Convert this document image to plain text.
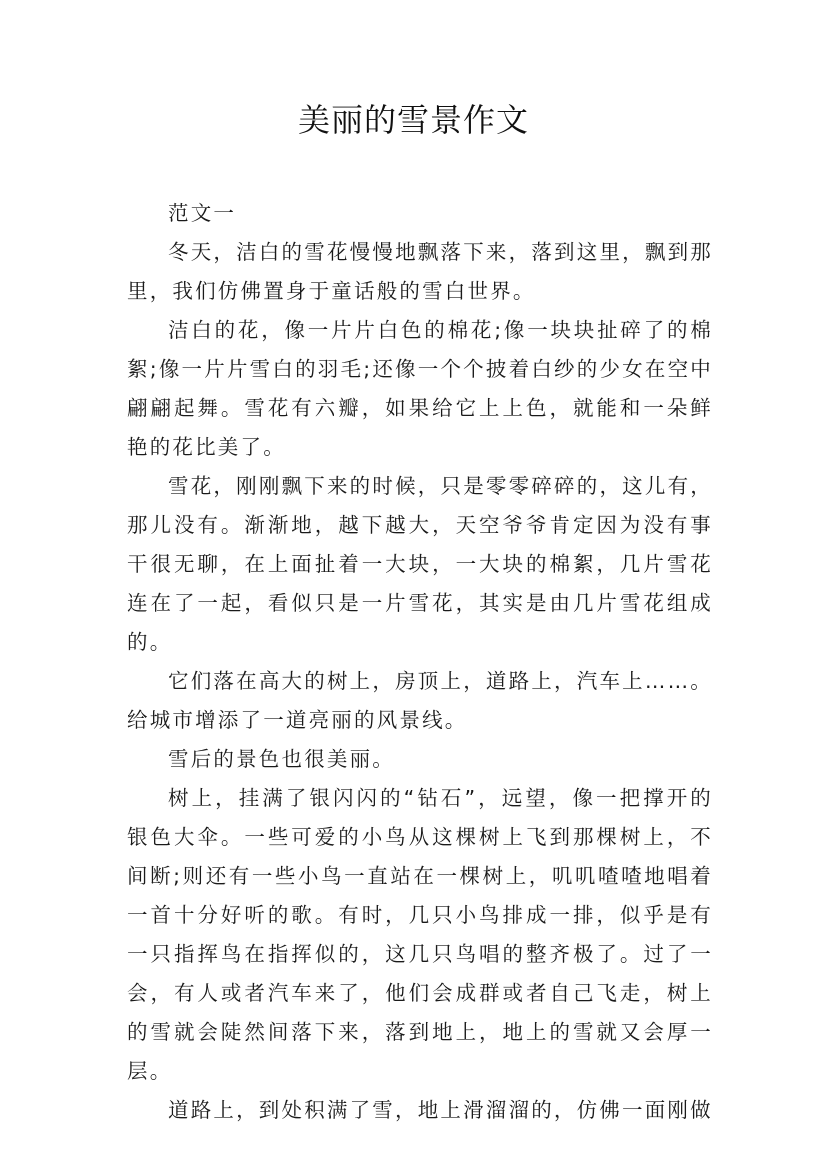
美丽的雪景作文

范文一

冬天，洁白的雪花慢慢地飘落下来，落到这里，飘到那里，我们仿佛置身于童话般的雪白世界。

洁白的花，像一片片白色的棉花;像一块块扯碎了的棉絮;像一片片雪白的羽毛;还像一个个披着白纱的少女在空中翩翩起舞。雪花有六瓣，如果给它上上色，就能和一朵鲜艳的花比美了。

雪花，刚刚飘下来的时候，只是零零碎碎的，这儿有，那儿没有。渐渐地，越下越大，天空爷爷肯定因为没有事干很无聊，在上面扯着一大块，一大块的棉絮，几片雪花连在了一起，看似只是一片雪花，其实是由几片雪花组成的。

它们落在高大的树上，房顶上，道路上，汽车上……。给城市增添了一道亮丽的风景线。

雪后的景色也很美丽。

树上，挂满了银闪闪的“钻石”，远望，像一把撑开的银色大伞。一些可爱的小鸟从这棵树上飞到那棵树上，不间断;则还有一些小鸟一直站在一棵树上，叽叽喳喳地唱着一首十分好听的歌。有时，几只小鸟排成一排，似乎是有一只指挥鸟在指挥似的，这几只鸟唱的整齐极了。过了一会，有人或者汽车来了，他们会成群或者自己飞走，树上的雪就会陡然间落下来，落到地上，地上的雪就又会厚一层。

道路上，到处积满了雪，地上滑溜溜的，仿佛一面刚做
